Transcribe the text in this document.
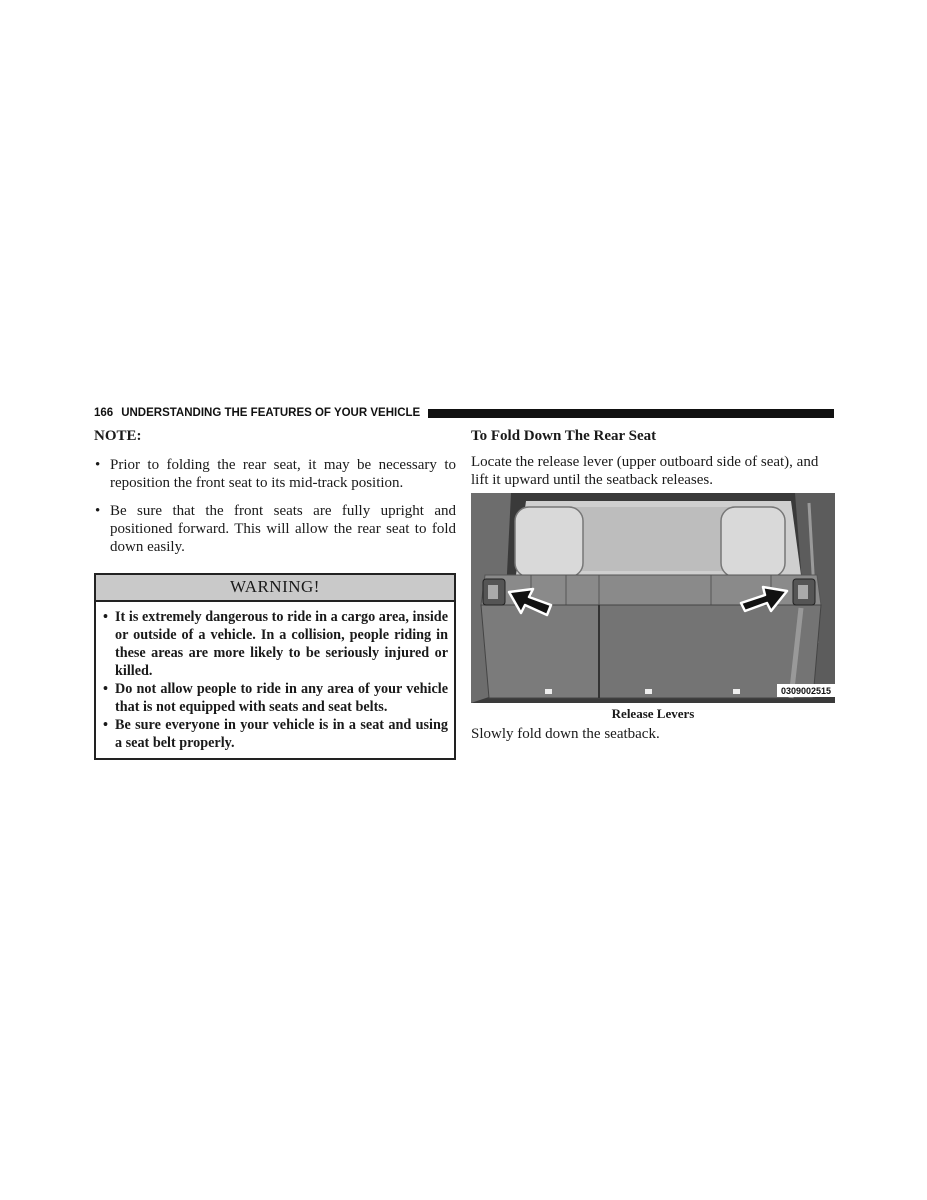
166 UNDERSTANDING THE FEATURES OF YOUR VEHICLE
NOTE:
• Prior to folding the rear seat, it may be necessary to reposition the front seat to its mid-track position.
• Be sure that the front seats are fully upright and positioned forward. This will allow the rear seat to fold down easily.
WARNING!
• It is extremely dangerous to ride in a cargo area, inside or outside of a vehicle. In a collision, people riding in these areas are more likely to be seriously injured or killed.
• Do not allow people to ride in any area of your vehicle that is not equipped with seats and seat belts.
• Be sure everyone in your vehicle is in a seat and using a seat belt properly.
To Fold Down The Rear Seat

Locate the release lever (upper outboard side of seat), and lift it upward until the seatback releases.

0309002515
Release Levers

Slowly fold down the seatback.
